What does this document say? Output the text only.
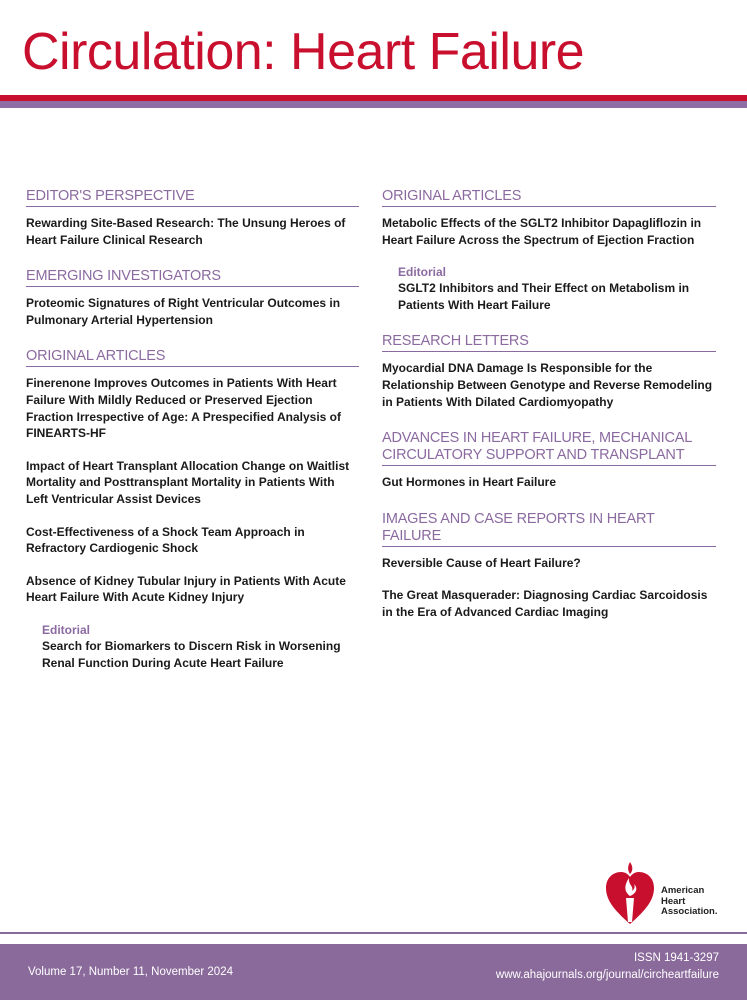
Circulation: Heart Failure
EDITOR'S PERSPECTIVE
Rewarding Site-Based Research: The Unsung Heroes of Heart Failure Clinical Research
EMERGING INVESTIGATORS
Proteomic Signatures of Right Ventricular Outcomes in Pulmonary Arterial Hypertension
ORIGINAL ARTICLES
Finerenone Improves Outcomes in Patients With Heart Failure With Mildly Reduced or Preserved Ejection Fraction Irrespective of Age: A Prespecified Analysis of FINEARTS-HF
Impact of Heart Transplant Allocation Change on Waitlist Mortality and Posttransplant Mortality in Patients With Left Ventricular Assist Devices
Cost-Effectiveness of a Shock Team Approach in Refractory Cardiogenic Shock
Absence of Kidney Tubular Injury in Patients With Acute Heart Failure With Acute Kidney Injury
Editorial
Search for Biomarkers to Discern Risk in Worsening Renal Function During Acute Heart Failure
ORIGINAL ARTICLES
Metabolic Effects of the SGLT2 Inhibitor Dapagliflozin in Heart Failure Across the Spectrum of Ejection Fraction
Editorial
SGLT2 Inhibitors and Their Effect on Metabolism in Patients With Heart Failure
RESEARCH LETTERS
Myocardial DNA Damage Is Responsible for the Relationship Between Genotype and Reverse Remodeling in Patients With Dilated Cardiomyopathy
ADVANCES IN HEART FAILURE, MECHANICAL CIRCULATORY SUPPORT AND TRANSPLANT
Gut Hormones in Heart Failure
IMAGES AND CASE REPORTS IN HEART FAILURE
Reversible Cause of Heart Failure?
The Great Masquerader: Diagnosing Cardiac Sarcoidosis in the Era of Advanced Cardiac Imaging
American
Heart
Association.
Volume 17, Number 11, November 2024
ISSN 1941-3297
www.ahajournals.org/journal/circheartfailure
